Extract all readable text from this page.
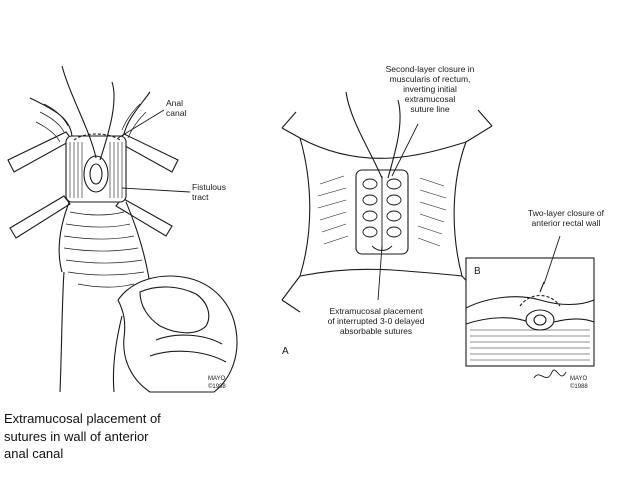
Anal
canal
Fistulous
tract
MAYO
©1988
Second-layer closure in
muscularis of rectum,
inverting initial
extramucosal
suture line
Two-layer closure of
anterior rectal wall
Extramucosal placement
of interrupted 3-0 delayed
absorbable sutures
A
B
MAYO
©1988
Extramucosal placement of
sutures in wall of anterior
anal canal
